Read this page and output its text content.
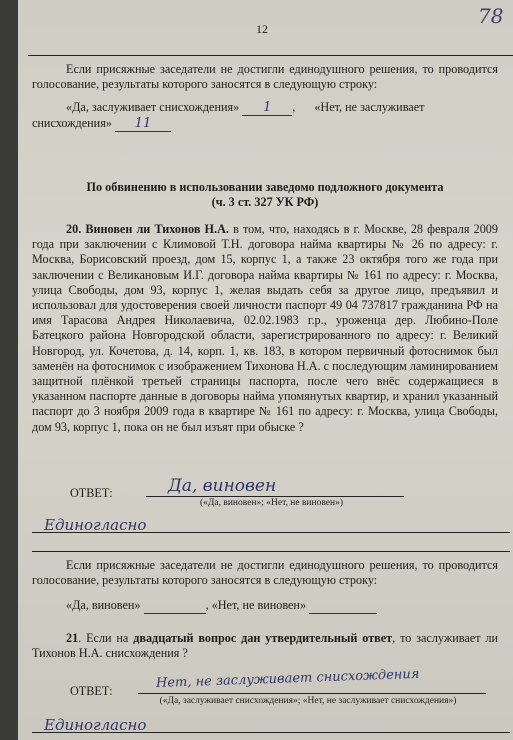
12
78
Если присяжные заседатели не достигли единодушного решения, то проводится голосование, результаты которого заносятся в следующую строку:
«Да, заслуживает снисхождения» 1 , «Нет, не заслуживает
снисхождения» 11
По обвинению в использовании заведомо подложного документа
(ч. 3 ст. 327 УК РФ)
20. Виновен ли Тихонов Н.А. в том, что, находясь в г. Москве, 28 февраля 2009 года при заключении с Климовой Т.Н. договора найма квартиры № 26 по адресу: г. Москва, Борисовский проезд, дом 15, корпус 1, а также 23 октября того же года при заключении с Великановым И.Г. договора найма квартиры № 161 по адресу: г. Москва, улица Свободы, дом 93, корпус 1, желая выдать себя за другое лицо, предъявил и использовал для удостоверения своей личности паспорт 49 04 737817 гражданина РФ на имя Тарасова Андрея Николаевича, 02.02.1983 г.р., уроженца дер. Любино-Поле Батецкого района Новгородской области, зарегистрированного по адресу: г. Великий Новгород, ул. Кочетова, д. 14, корп. 1, кв. 183, в котором первичный фотоснимок был заменён на фотоснимок с изображением Тихонова Н.А. с последующим ламинированием защитной плёнкой третьей страницы паспорта, после чего внёс содержащиеся в указанном паспорте данные в договоры найма упомянутых квартир, и хранил указанный паспорт до 3 ноября 2009 года в квартире № 161 по адресу: г. Москва, улица Свободы, дом 93, корпус 1, пока он не был изъят при обыске ?
ОТВЕТ:	Да, виновен
(«Да, виновен»; «Нет, не виновен»)
Единогласно
Если присяжные заседатели не достигли единодушного решения, то проводится голосование, результаты которого заносятся в следующую строку:
«Да, виновен»	, «Нет, не виновен»
21. Если на двадцатый вопрос дан утвердительный ответ, то заслуживает ли Тихонов Н.А. снисхождения ?
ОТВЕТ:
Нет, не заслуживает снисхождения
(«Да, заслуживает снисхождения»; «Нет, не заслуживает снисхождения»)
Единогласно
